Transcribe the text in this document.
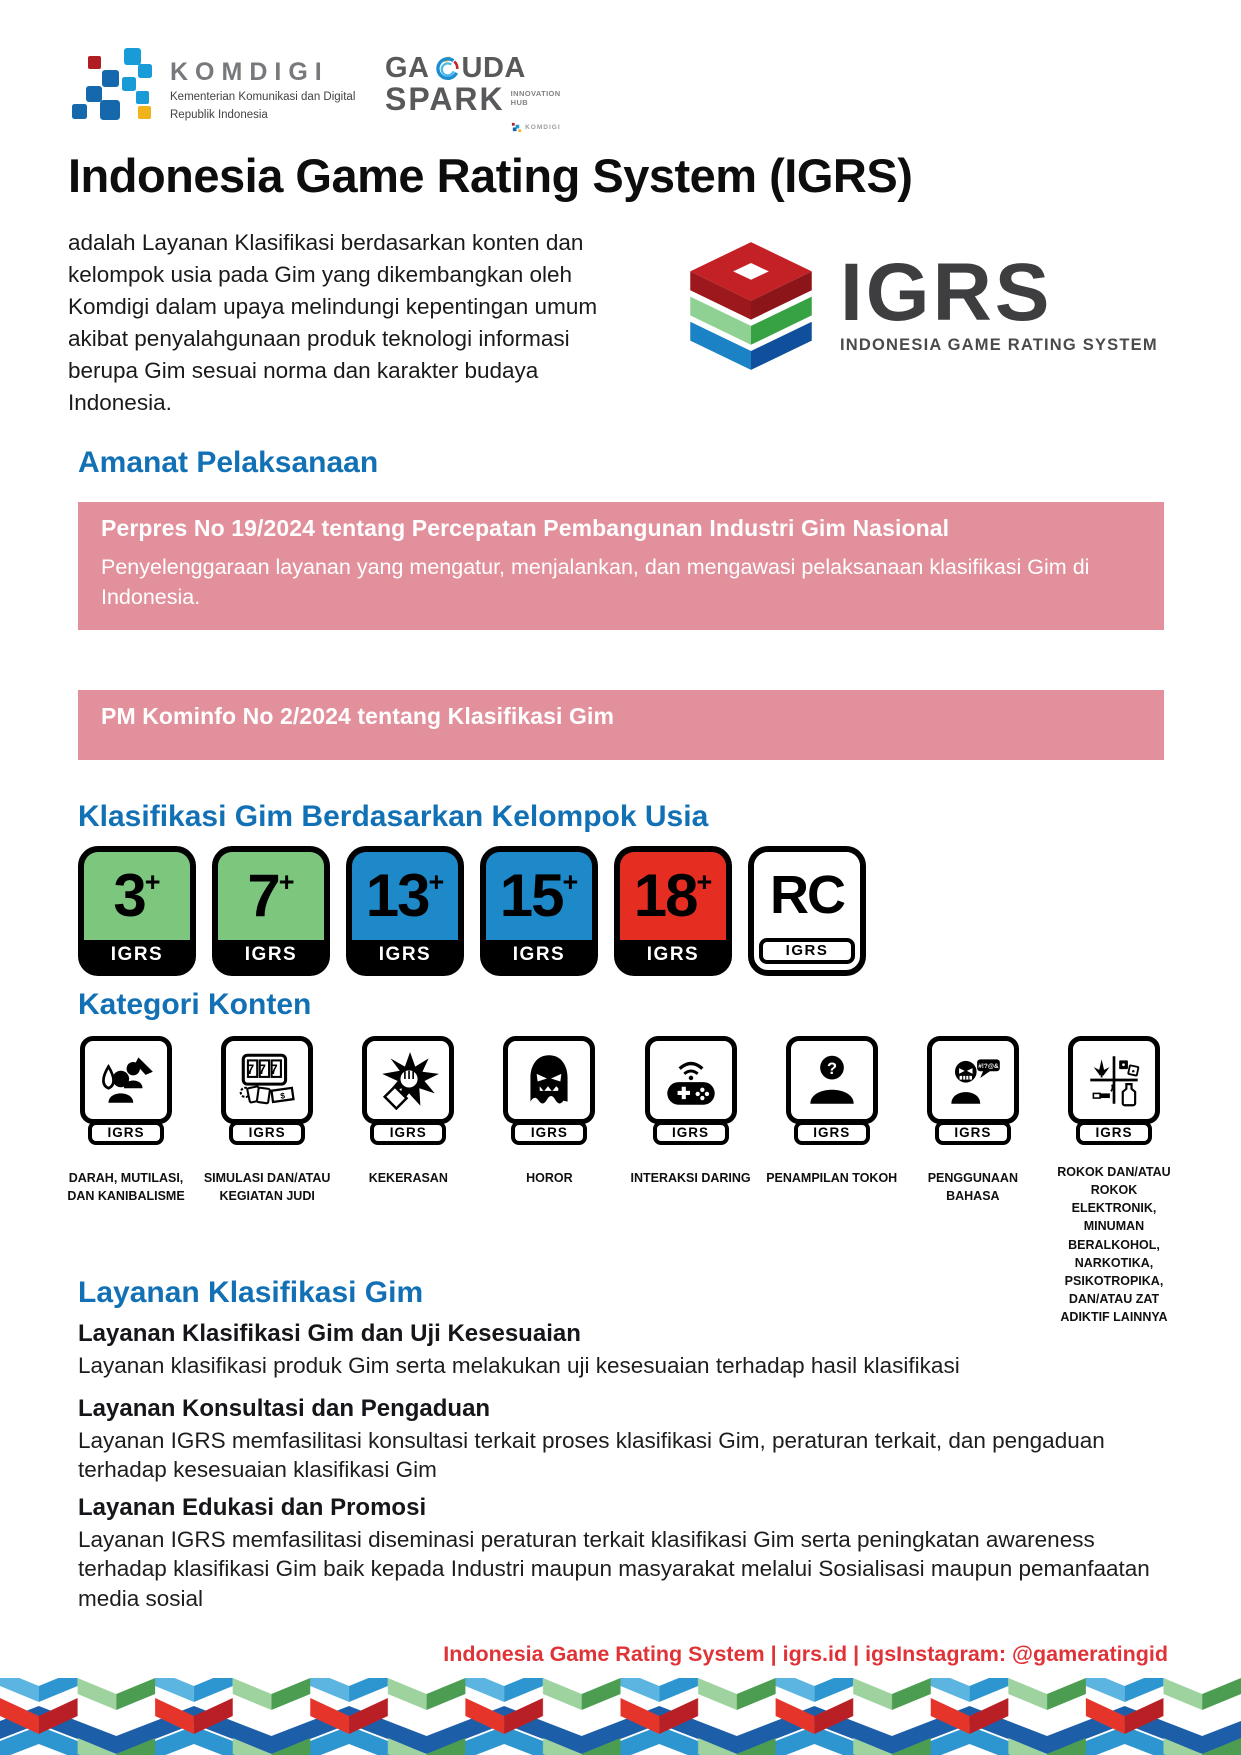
KOMDIGI
Kementerian Komunikasi dan Digital
Republik Indonesia
GA UDA
SPARK INNOVATION
HUB
KOMDIGI
Indonesia Game Rating System (IGRS)
adalah Layanan Klasifikasi berdasarkan konten dan kelompok usia pada Gim yang dikembangkan oleh Komdigi dalam upaya melindungi kepentingan umum akibat penyalahgunaan produk teknologi informasi berupa Gim sesuai norma dan karakter budaya Indonesia.
IGRS
INDONESIA GAME RATING SYSTEM
Amanat Pelaksanaan

Perpres No 19/2024 tentang Percepatan Pembangunan Industri Gim Nasional

Penyelenggaraan layanan yang mengatur, menjalankan, dan mengawasi pelaksanaan klasifikasi Gim di Indonesia.

PM Kominfo No 2/2024 tentang Klasifikasi Gim

Klasifikasi Gim Berdasarkan Kelompok Usia
3 +
IGRS
7 +
IGRS
13 +
IGRS
15 +
IGRS
18 +
IGRS
RC
IGRS
Kategori Konten
IGRS
DARAH, MUTILASI, DAN KANIBALISME
777
$
IGRS
SIMULASI DAN/ATAU KEGIATAN JUDI
IGRS
KEKERASAN
IGRS
HOROR
IGRS
INTERAKSI DARING
?
IGRS
PENAMPILAN TOKOH
#!?@&
IGRS
PENGGUNAAN BAHASA
IGRS
ROKOK DAN/ATAU ROKOK ELEKTRONIK, MINUMAN BERALKOHOL, NARKOTIKA, PSIKOTROPIKA, DAN/ATAU ZAT ADIKTIF LAINNYA
Layanan Klasifikasi Gim
Layanan Klasifikasi Gim dan Uji Kesesuaian
Layanan klasifikasi produk Gim serta melakukan uji kesesuaian terhadap hasil klasifikasi
Layanan Konsultasi dan Pengaduan
Layanan IGRS memfasilitasi konsultasi terkait proses klasifikasi Gim, peraturan terkait, dan pengaduan terhadap kesesuaian klasifikasi Gim
Layanan Edukasi dan Promosi
Layanan IGRS memfasilitasi diseminasi peraturan terkait klasifikasi Gim serta peningkatan awareness terhadap klasifikasi Gim baik kepada Industri maupun masyarakat melalui Sosialisasi maupun pemanfaatan media sosial
Indonesia Game Rating System | igrs.id | igsInstagram: @gameratingid
